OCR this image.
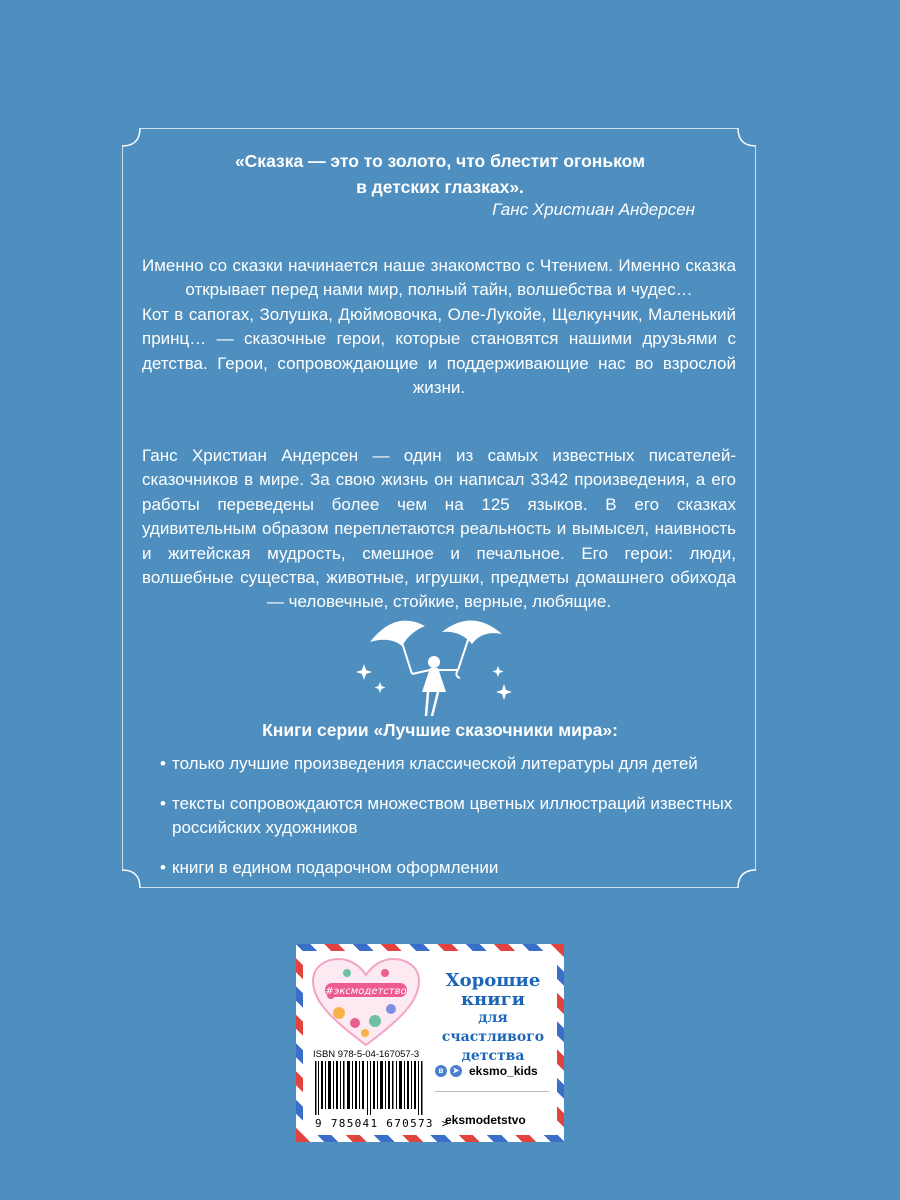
«Сказка — это то золото, что блестит огоньком
в детских глазках».
Ганс Христиан Андерсен

Именно со сказки начинается наше знакомство с Чтением. Именно сказка открывает перед нами мир, полный тайн, волшебства и чудес…

Кот в сапогах, Золушка, Дюймовочка, Оле-Лукойе, Щелкунчик, Маленький принц… — сказочные герои, которые становятся нашими друзьями с детства. Герои, сопровождающие и поддерживающие нас во взрослой жизни.

Ганс Христиан Андерсен — один из самых известных писателей-сказочников в мире. За свою жизнь он написал 3342 произведения, а его работы переведены более чем на 125 языков. В его сказках удивительным образом переплетаются реальность и вымысел, наивность и житейская мудрость, смешное и печальное. Его герои: люди, волшебные существа, животные, игрушки, предметы домашнего обихода — человечные, стойкие, верные, любящие.

Книги серии «Лучшие сказочники мира»:
• только лучшие произведения классической литературы для детей
• тексты сопровождаются множеством цветных иллюстраций известных российских художников
• книги в едином подарочном оформлении
#эксмодетство
Хорошие
книги
для счастливого
детства
ISBN 978-5-04-167057-3
9 785041 670573 >
в	➤ eksmo_kids
eksmodetstvo
